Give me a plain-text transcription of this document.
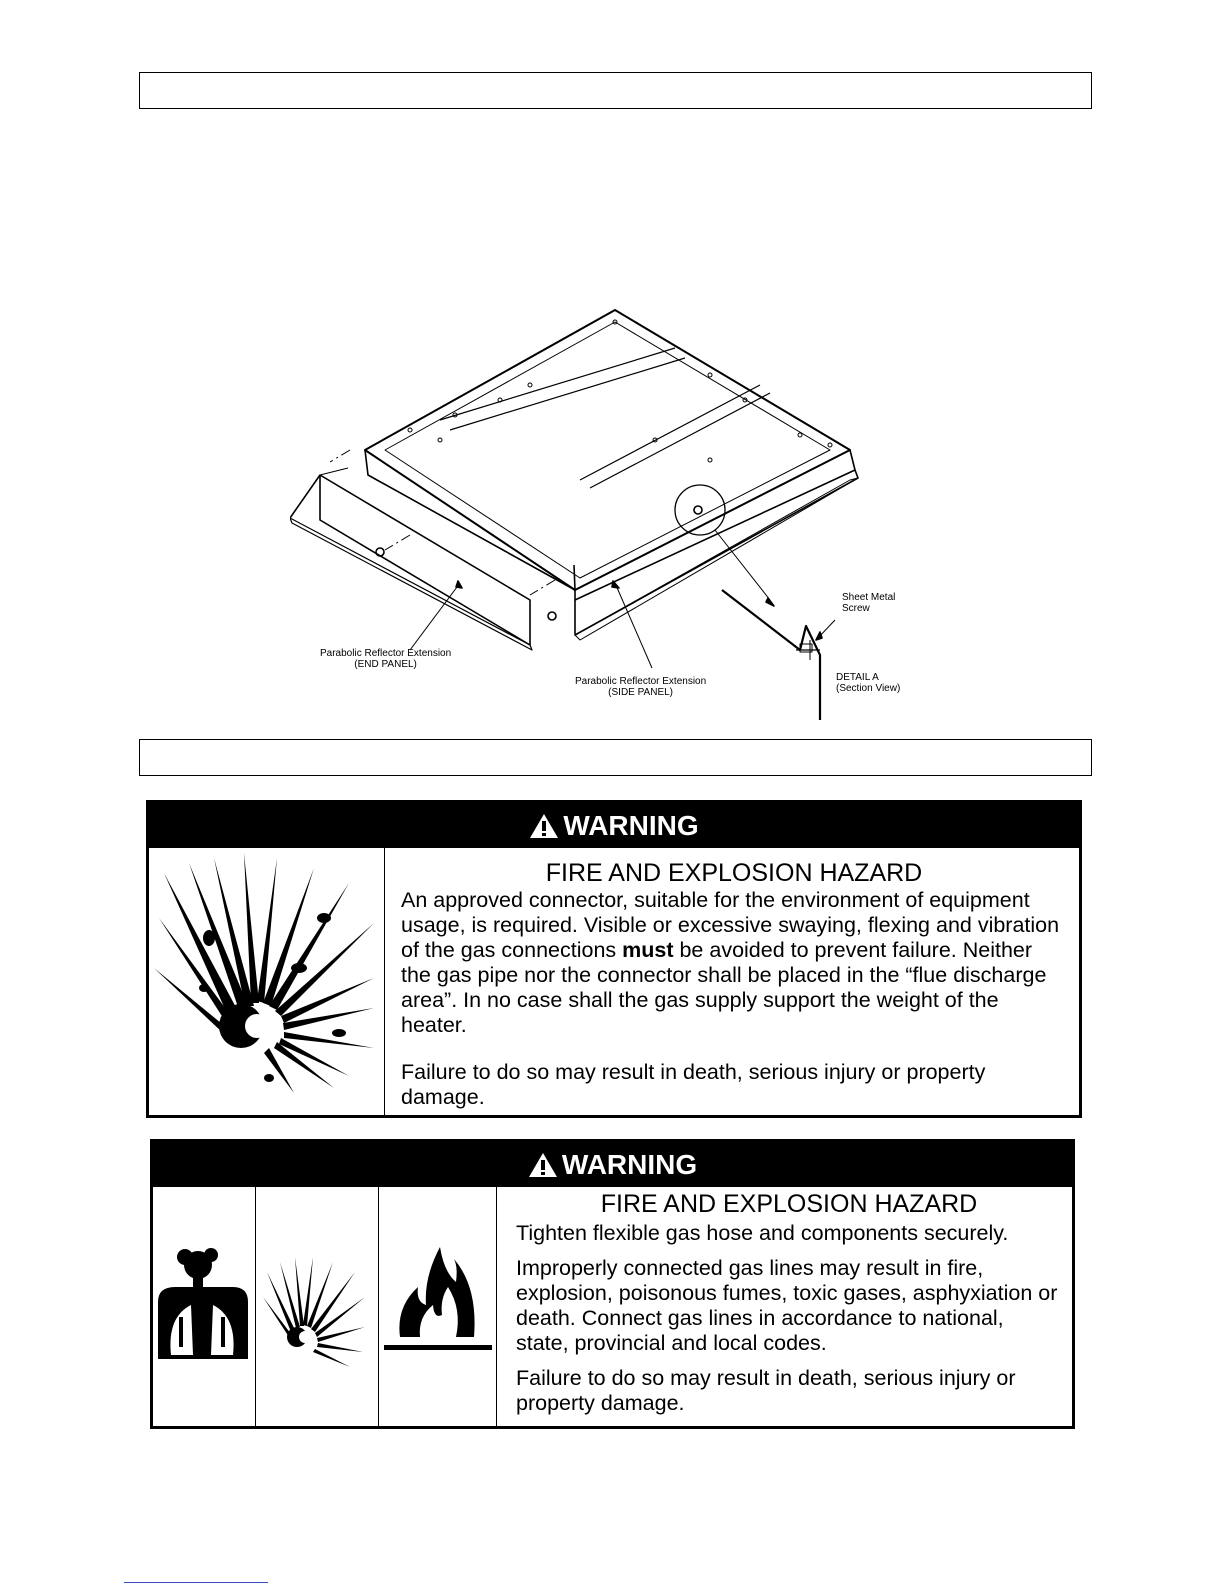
Parabolic Reflector Extension
(END PANEL)
Parabolic Reflector Extension
(SIDE PANEL)
Sheet Metal
Screw
DETAIL A
(Section View)
WARNING
FIRE AND EXPLOSION HAZARD

An approved connector, suitable for the environment of equipment usage, is required. Visible or excessive swaying, flexing and vibration of the gas connections must be avoided to prevent failure. Neither the gas pipe nor the connector shall be placed in the “flue discharge area”. In no case shall the gas supply support the weight of the heater.

Failure to do so may result in death, serious injury or property damage.

WARNING
FIRE AND EXPLOSION HAZARD

Tighten flexible gas hose and components securely.

Improperly connected gas lines may result in fire, explosion, poisonous fumes, toxic gases, asphyxiation or death. Connect gas lines in accordance to national, state, provincial and local codes.

Failure to do so may result in death, serious injury or property damage.
